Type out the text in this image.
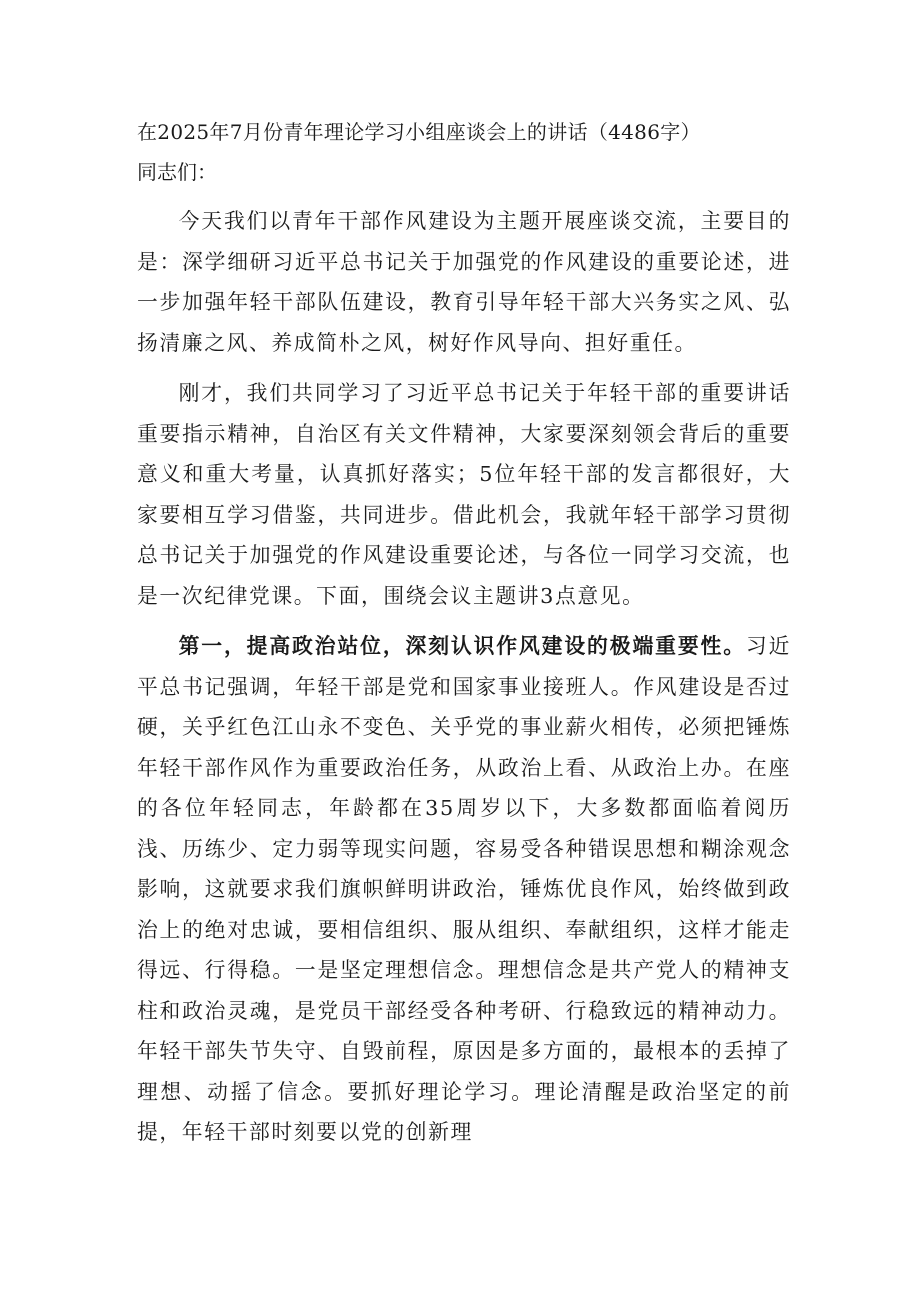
在2025年7月份青年理论学习小组座谈会上的讲话（4486字）

同志们：

今天我们以青年干部作风建设为主题开展座谈交流，主要目的是：深学细研习近平总书记关于加强党的作风建设的重要论述，进一步加强年轻干部队伍建设，教育引导年轻干部大兴务实之风、弘扬清廉之风、养成简朴之风，树好作风导向、担好重任。

刚才，我们共同学习了习近平总书记关于年轻干部的重要讲话重要指示精神，自治区有关文件精神，大家要深刻领会背后的重要意义和重大考量，认真抓好落实；5位年轻干部的发言都很好，大家要相互学习借鉴，共同进步。借此机会，我就年轻干部学习贯彻总书记关于加强党的作风建设重要论述，与各位一同学习交流，也是一次纪律党课。下面，围绕会议主题讲3点意见。

第一，提高政治站位，深刻认识作风建设的极端重要性。习近平总书记强调，年轻干部是党和国家事业接班人。作风建设是否过硬，关乎红色江山永不变色、关乎党的事业薪火相传，必须把锤炼年轻干部作风作为重要政治任务，从政治上看、从政治上办。在座的各位年轻同志，年龄都在35周岁以下，大多数都面临着阅历浅、历练少、定力弱等现实问题，容易受各种错误思想和糊涂观念影响，这就要求我们旗帜鲜明讲政治，锤炼优良作风，始终做到政治上的绝对忠诚，要相信组织、服从组织、奉献组织，这样才能走得远、行得稳。一是坚定理想信念。理想信念是共产党人的精神支柱和政治灵魂，是党员干部经受各种考研、行稳致远的精神动力。年轻干部失节失守、自毁前程，原因是多方面的，最根本的丢掉了理想、动摇了信念。要抓好理论学习。理论清醒是政治坚定的前提，年轻干部时刻要以党的创新理
